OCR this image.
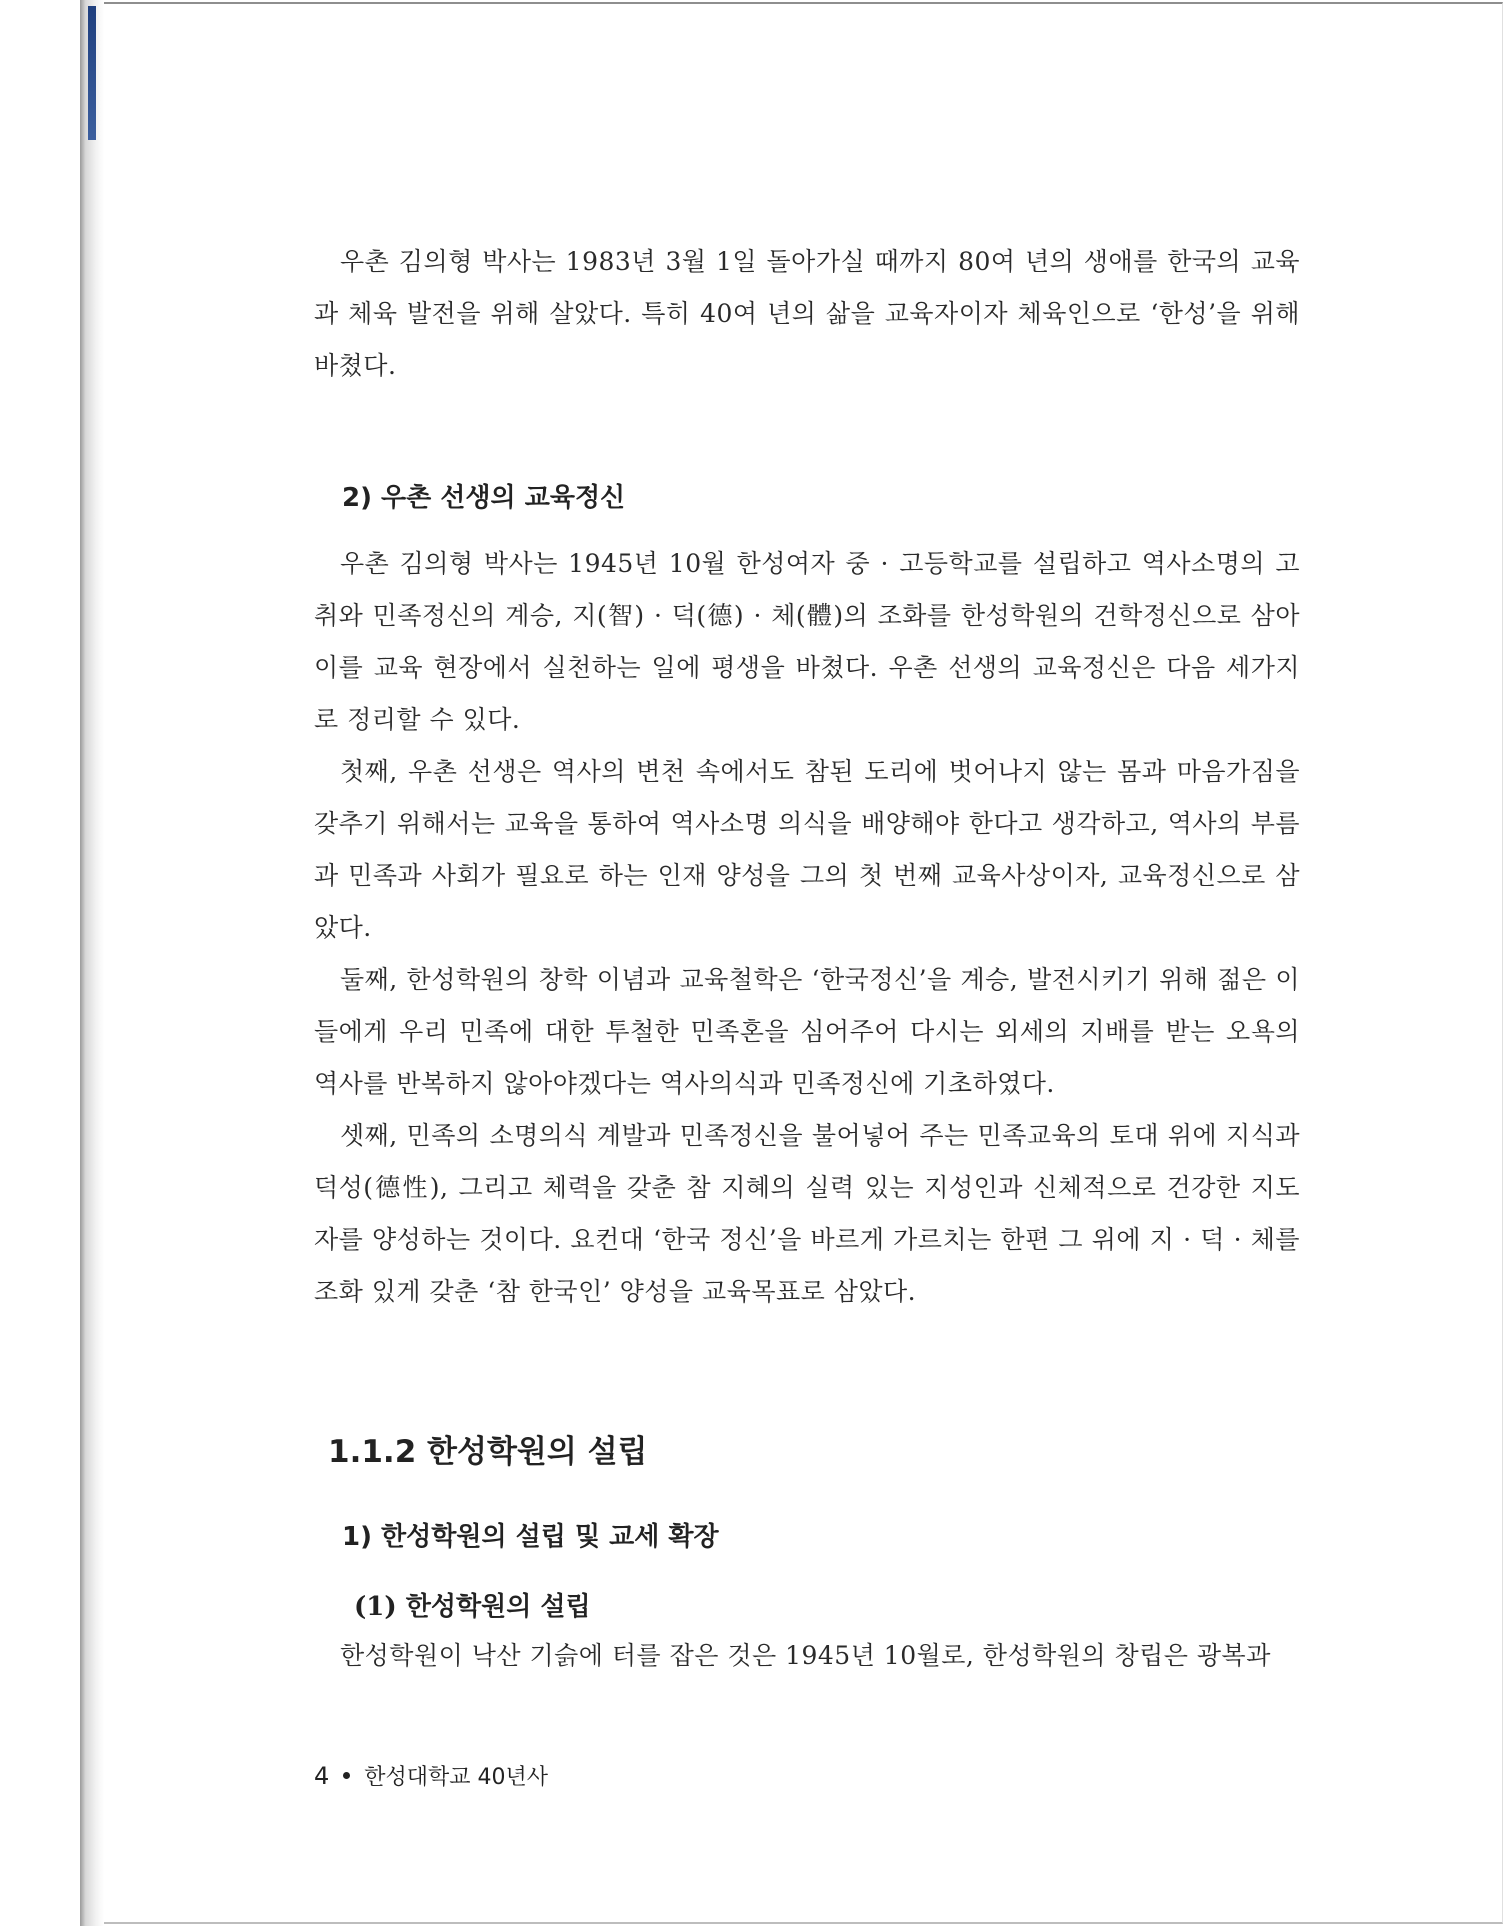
우촌 김의형 박사는 1983년 3월 1일 돌아가실 때까지 80여 년의 생애를 한국의 교육과 체육 발전을 위해 살았다. 특히 40여 년의 삶을 교육자이자 체육인으로 ‘한성’을 위해 바쳤다.

2) 우촌 선생의 교육정신

우촌 김의형 박사는 1945년 10월 한성여자 중 · 고등학교를 설립하고 역사소명의 고취와 민족정신의 계승, 지(智) · 덕(德) · 체(體)의 조화를 한성학원의 건학정신으로 삼아 이를 교육 현장에서 실천하는 일에 평생을 바쳤다. 우촌 선생의 교육정신은 다음 세가지로 정리할 수 있다.

첫째, 우촌 선생은 역사의 변천 속에서도 참된 도리에 벗어나지 않는 몸과 마음가짐을 갖추기 위해서는 교육을 통하여 역사소명 의식을 배양해야 한다고 생각하고, 역사의 부름과 민족과 사회가 필요로 하는 인재 양성을 그의 첫 번째 교육사상이자, 교육정신으로 삼았다.

둘째, 한성학원의 창학 이념과 교육철학은 ‘한국정신’을 계승, 발전시키기 위해 젊은 이들에게 우리 민족에 대한 투철한 민족혼을 심어주어 다시는 외세의 지배를 받는 오욕의 역사를 반복하지 않아야겠다는 역사의식과 민족정신에 기초하였다.

셋째, 민족의 소명의식 계발과 민족정신을 불어넣어 주는 민족교육의 토대 위에 지식과 덕성(德性), 그리고 체력을 갖춘 참 지혜의 실력 있는 지성인과 신체적으로 건강한 지도자를 양성하는 것이다. 요컨대 ‘한국 정신’을 바르게 가르치는 한편 그 위에 지 · 덕 · 체를 조화 있게 갖춘 ‘참 한국인’ 양성을 교육목표로 삼았다.

1.1.2 한성학원의 설립
1) 한성학원의 설립 및 교세 확장
(1) 한성학원의 설립

한성학원이 낙산 기슭에 터를 잡은 것은 1945년 10월로, 한성학원의 창립은 광복과

4 한성대학교 40년사
